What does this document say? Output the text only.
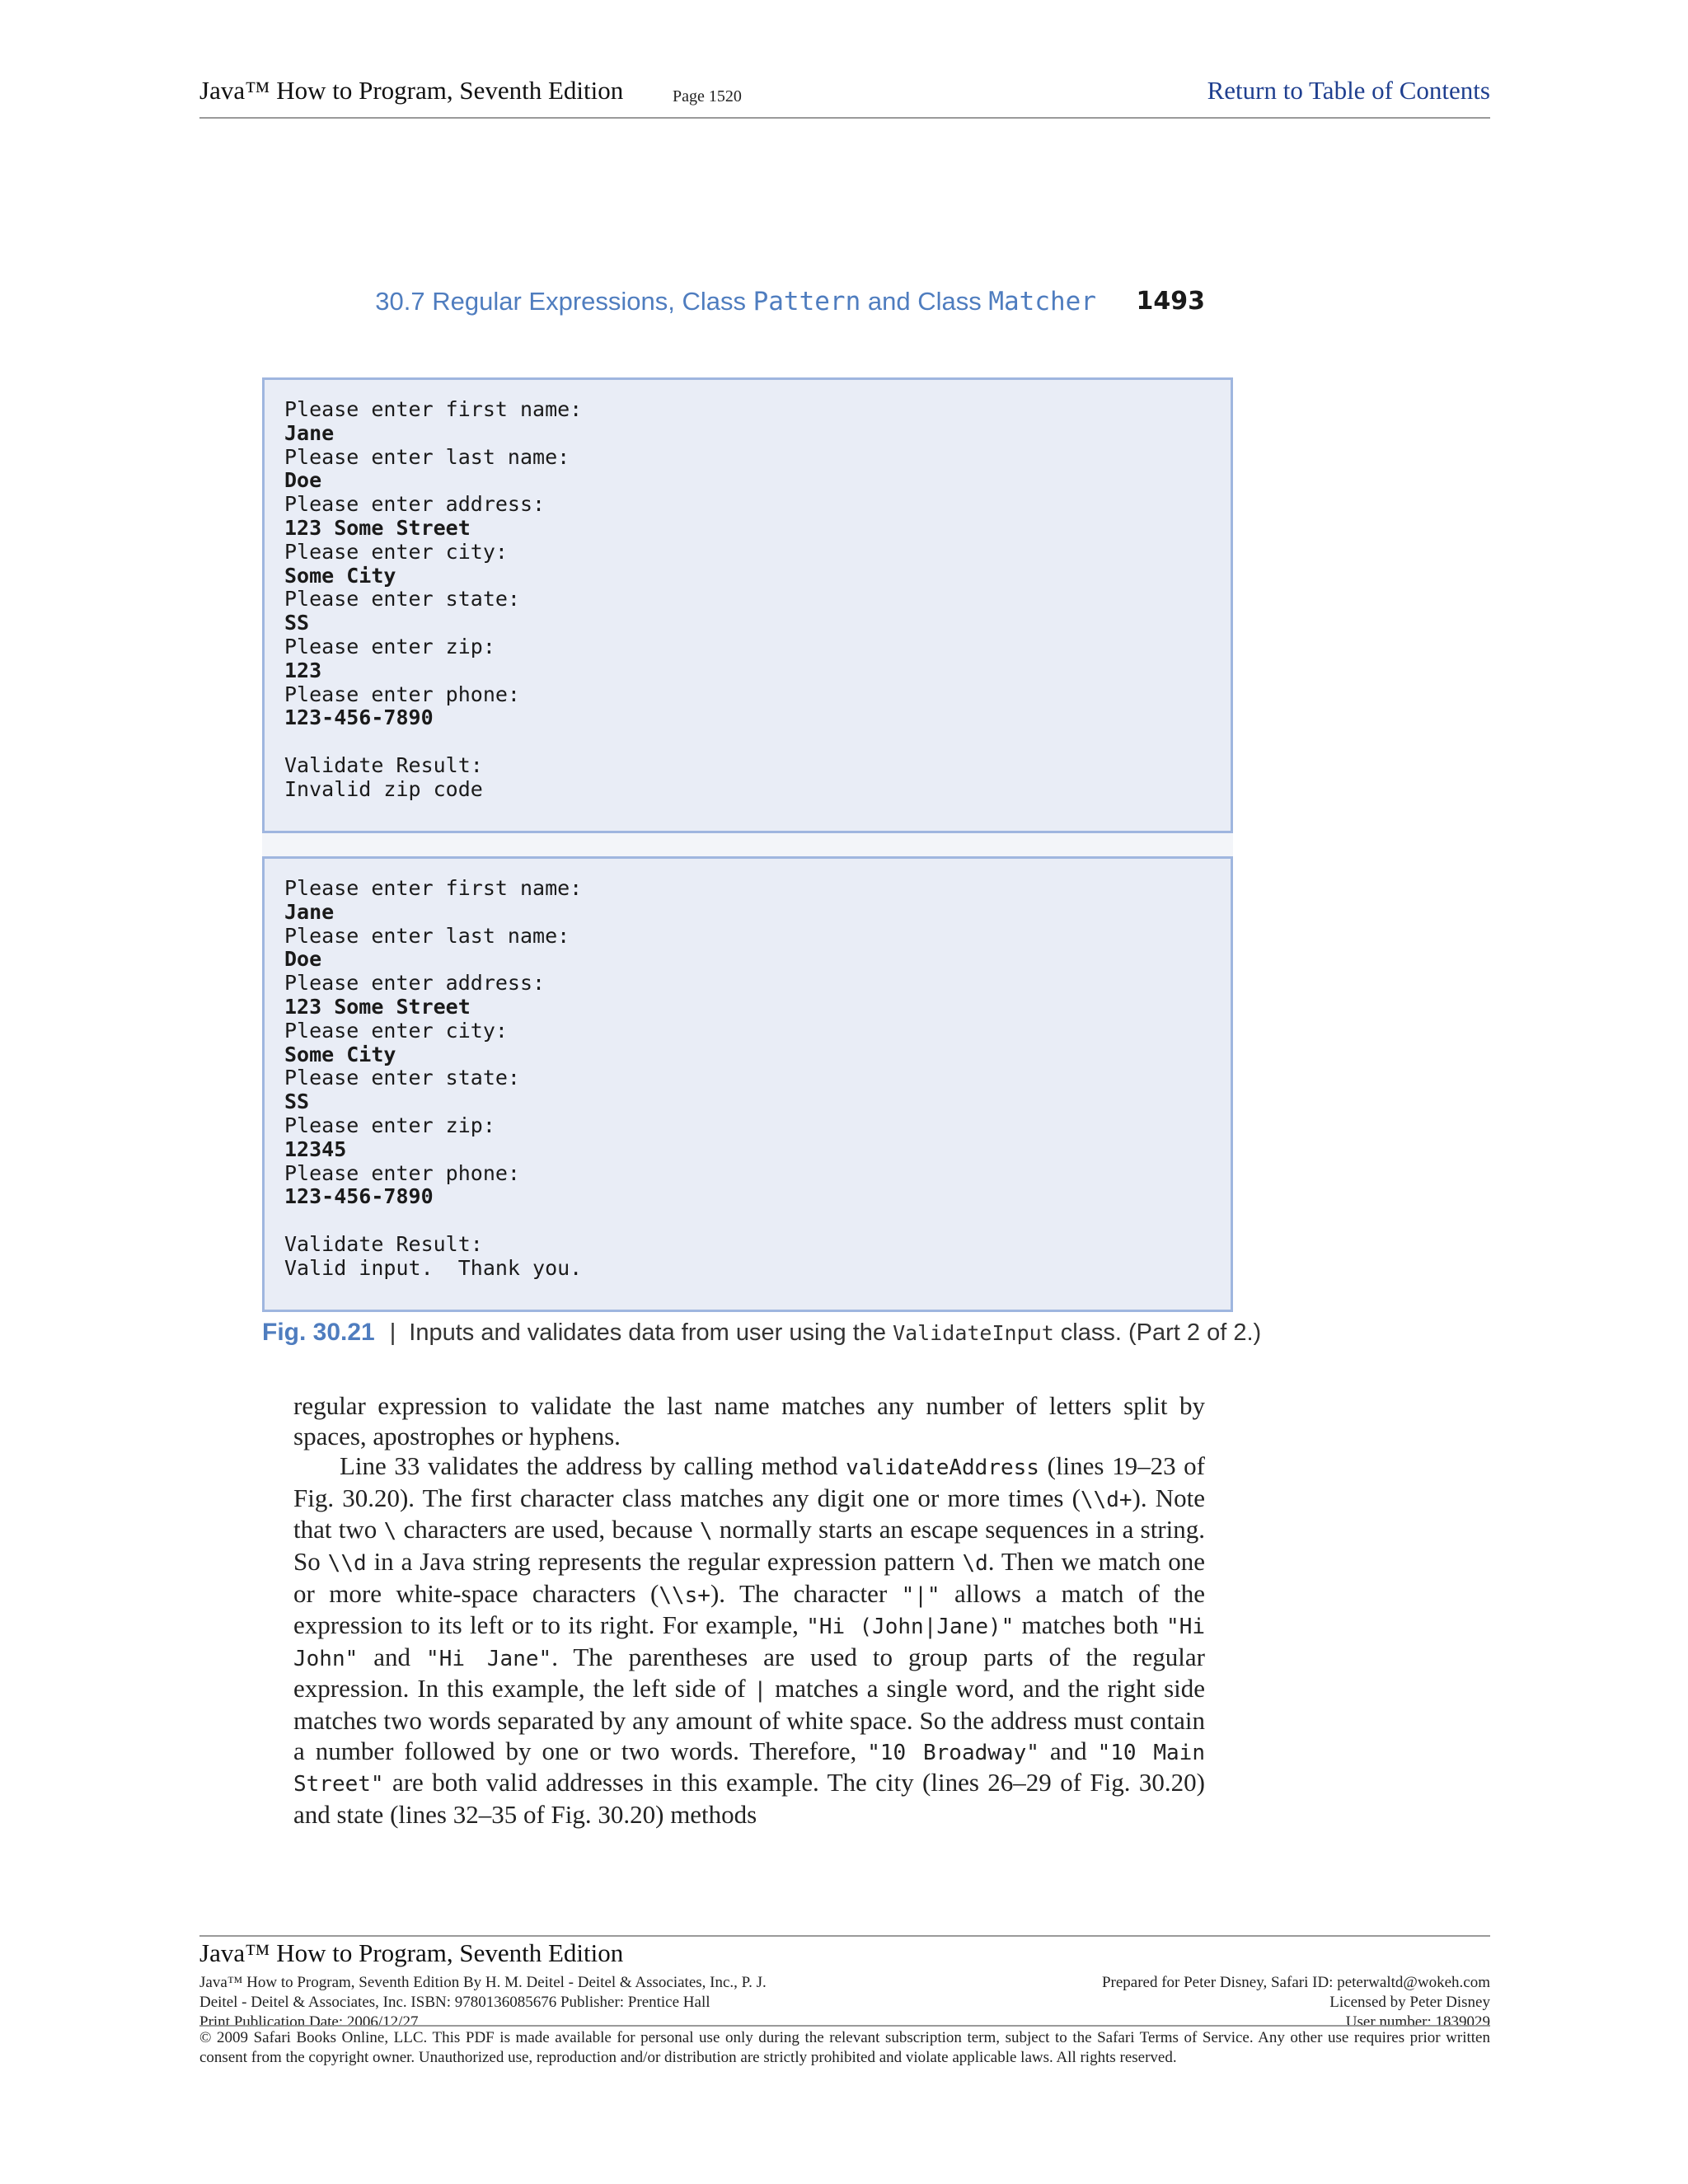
Java™ How to Program, Seventh Edition	Page 1520	Return to Table of Contents
30.7 Regular Expressions, Class Pattern and Class Matcher 1493
Please enter first name:
Jane
Please enter last name:
Doe
Please enter address:
123 Some Street
Please enter city:
Some City
Please enter state:
SS
Please enter zip:
123
Please enter phone:
123-456-7890
Validate Result:
Invalid zip code
Please enter first name:
Jane
Please enter last name:
Doe
Please enter address:
123 Some Street
Please enter city:
Some City
Please enter state:
SS
Please enter zip:
12345
Please enter phone:
123-456-7890
Validate Result:
Valid input.  Thank you.
Fig. 30.21 | Inputs and validates data from user using the ValidateInput class. (Part 2 of 2.)

regular expression to validate the last name matches any number of letters split by spaces, apostrophes or hyphens.

Line 33 validates the address by calling method validateAddress (lines 19–23 of Fig. 30.20). The first character class matches any digit one or more times (\\d+). Note that two \ characters are used, because \ normally starts an escape sequences in a string. So \\d in a Java string represents the regular expression pattern \d. Then we match one or more white-space characters (\\s+). The character "|" allows a match of the expression to its left or to its right. For example, "Hi (John|Jane)" matches both "Hi John" and "Hi Jane". The parentheses are used to group parts of the regular expression. In this example, the left side of | matches a single word, and the right side matches two words separated by any amount of white space. So the address must contain a number followed by one or two words. Therefore, "10 Broadway" and "10 Main Street" are both valid addresses in this example. The city (lines 26–29 of Fig. 30.20) and state (lines 32–35 of Fig. 30.20) methods

Java™ How to Program, Seventh Edition
Java™ How to Program, Seventh Edition By H. M. Deitel - Deitel & Associates, Inc., P. J.
Deitel - Deitel & Associates, Inc. ISBN: 9780136085676 Publisher: Prentice Hall
Print Publication Date: 2006/12/27
Prepared for Peter Disney, Safari ID: peterwaltd@wokeh.com
Licensed by Peter Disney
User number: 1839029
© 2009 Safari Books Online, LLC. This PDF is made available for personal use only during the relevant subscription term, subject to the Safari Terms of Service. Any other use requires prior written consent from the copyright owner. Unauthorized use, reproduction and/or distribution are strictly prohibited and violate applicable laws. All rights reserved.
